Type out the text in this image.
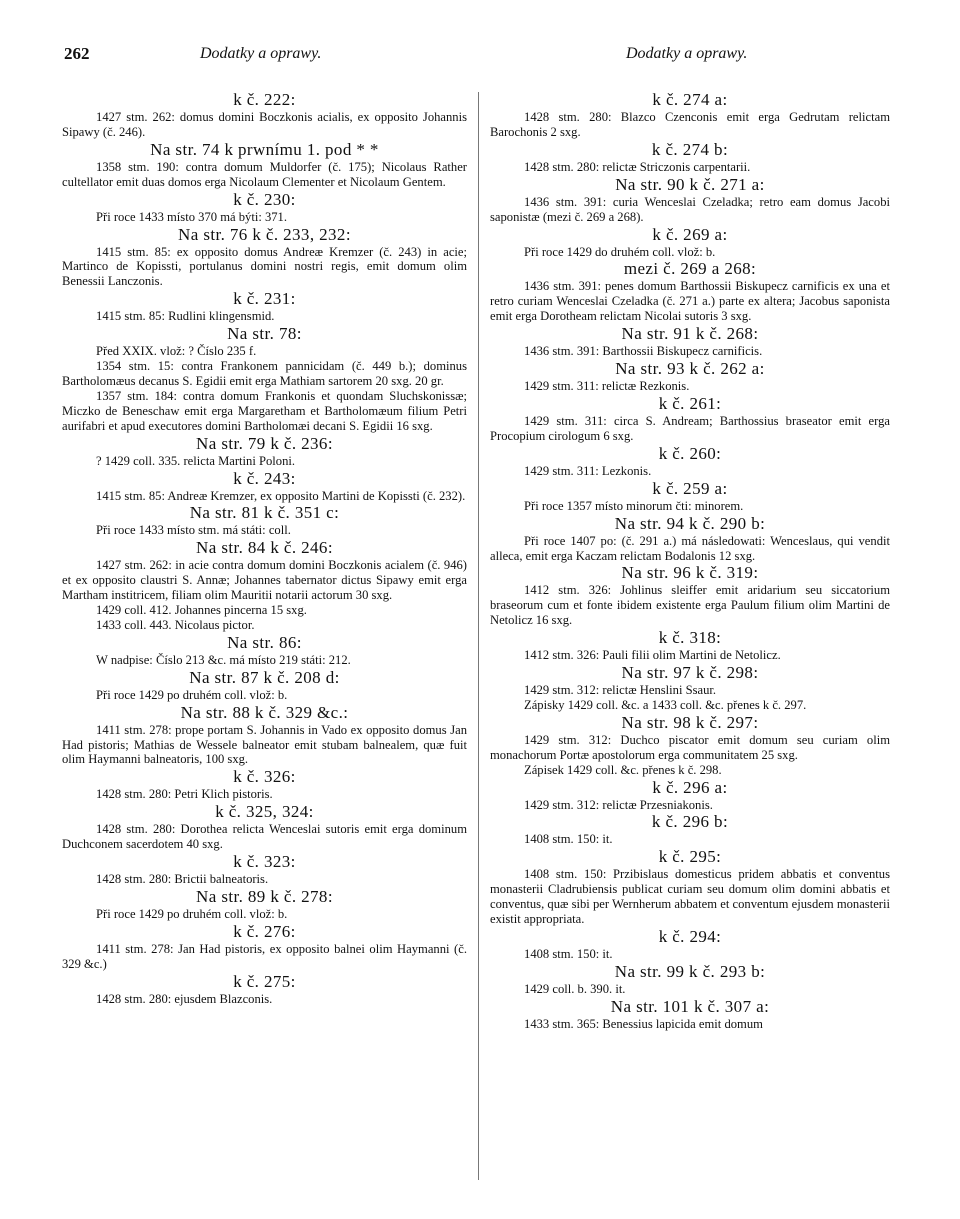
262	Dodatky a oprawy.	Dodatky a oprawy.
k č. 222:
1427 stm. 262: domus domini Boczkonis acialis, ex opposito Johannis Sipawy (č. 246).
Na str. 74 k prwnímu 1. pod * *
1358 stm. 190: contra domum Muldorfer (č. 175); Nicolaus Rather cultellator emit duas domos erga Nicolaum Clementer et Nicolaum Gentem.
k č. 230:
Při roce 1433 místo 370 má býti: 371.
Na str. 76 k č. 233, 232:
1415 stm. 85: ex opposito domus Andreæ Kremzer (č. 243) in acie; Martinco de Kopissti, portulanus domini nostri regis, emit domum olim Benessii Lanczonis.
k č. 231:
1415 stm. 85: Rudlini klingensmid.
Na str. 78:
Před XXIX. vlož: ? Číslo 235 f.
1354 stm. 15: contra Frankonem pannicidam (č. 449 b.); dominus Bartholomæus decanus S. Egidii emit erga Mathiam sartorem 20 sxg. 20 gr.
1357 stm. 184: contra domum Frankonis et quondam Sluchskonissæ; Miczko de Beneschaw emit erga Margaretham et Bartholomæum filium Petri aurifabri et apud executores domini Bartholomæi decani S. Egidii 16 sxg.
Na str. 79 k č. 236:
? 1429 coll. 335. relicta Martini Poloni.
k č. 243:
1415 stm. 85: Andreæ Kremzer, ex opposito Martini de Kopissti (č. 232).
Na str. 81 k č. 351 c:
Při roce 1433 místo stm. má státi: coll.
Na str. 84 k č. 246:
1427 stm. 262: in acie contra domum domini Boczkonis acialem (č. 946) et ex opposito claustri S. Annæ; Johannes tabernator dictus Sipawy emit erga Martham institricem, filiam olim Mauritii notarii actorum 30 sxg.
1429 coll. 412. Johannes pincerna 15 sxg.
1433 coll. 443. Nicolaus pictor.
Na str. 86:
W nadpise: Číslo 213 &c. má místo 219 státi: 212.
Na str. 87 k č. 208 d:
Při roce 1429 po druhém coll. vlož: b.
Na str. 88 k č. 329 &c.:
1411 stm. 278: prope portam S. Johannis in Vado ex opposito domus Jan Had pistoris; Mathias de Wessele balneator emit stubam balnealem, quæ fuit olim Haymanni balneatoris, 100 sxg.
k č. 326:
1428 stm. 280: Petri Klich pistoris.
k č. 325, 324:
1428 stm. 280: Dorothea relicta Wenceslai sutoris emit erga dominum Duchconem sacerdotem 40 sxg.
k č. 323:
1428 stm. 280: Brictii balneatoris.
Na str. 89 k č. 278:
Při roce 1429 po druhém coll. vlož: b.
k č. 276:
1411 stm. 278: Jan Had pistoris, ex opposito balnei olim Haymanni (č. 329 &c.)
k č. 275:
1428 stm. 280: ejusdem Blazconis.
k č. 274 a:
1428 stm. 280: Blazco Czenconis emit erga Gedrutam relictam Barochonis 2 sxg.
k č. 274 b:
1428 stm. 280: relictæ Striczonis carpentarii.
Na str. 90 k č. 271 a:
1436 stm. 391: curia Wenceslai Czeladka; retro eam domus Jacobi saponistæ (mezi č. 269 a 268).
k č. 269 a:
Při roce 1429 do druhém coll. vlož: b.
mezi č. 269 a 268:
1436 stm. 391: penes domum Barthossii Biskupecz carnificis ex una et retro curiam Wenceslai Czeladka (č. 271 a.) parte ex altera; Jacobus saponista emit erga Dorotheam relictam Nicolai sutoris 3 sxg.
Na str. 91 k č. 268:
1436 stm. 391: Barthossii Biskupecz carnificis.
Na str. 93 k č. 262 a:
1429 stm. 311: relictæ Rezkonis.
k č. 261:
1429 stm. 311: circa S. Andream; Barthossius braseator emit erga Procopium cirologum 6 sxg.
k č. 260:
1429 stm. 311: Lezkonis.
k č. 259 a:
Při roce 1357 místo minorum čti: minorem.
Na str. 94 k č. 290 b:
Při roce 1407 po: (č. 291 a.) má následowati: Wenceslaus, qui vendit alleca, emit erga Kaczam relictam Bodalonis 12 sxg.
Na str. 96 k č. 319:
1412 stm. 326: Johlinus sleiffer emit aridarium seu siccatorium braseorum cum et fonte ibidem existente erga Paulum filium olim Martini de Netolicz 16 sxg.
k č. 318:
1412 stm. 326: Pauli filii olim Martini de Netolicz.
Na str. 97 k č. 298:
1429 stm. 312: relictæ Henslini Ssaur.
Zápisky 1429 coll. &c. a 1433 coll. &c. přenes k č. 297.
Na str. 98 k č. 297:
1429 stm. 312: Duchco piscator emit domum seu curiam olim monachorum Portæ apostolorum erga communitatem 25 sxg.
Zápisek 1429 coll. &c. přenes k č. 298.
k č. 296 a:
1429 stm. 312: relictæ Przesniakonis.
k č. 296 b:
1408 stm. 150: it.
k č. 295:
1408 stm. 150: Przibislaus domesticus pridem abbatis et conventus monasterii Cladrubiensis publicat curiam seu domum olim domini abbatis et conventus, quæ sibi per Wernherum abbatem et conventum ejusdem monasterii existit appropriata.
k č. 294:
1408 stm. 150: it.
Na str. 99 k č. 293 b:
1429 coll. b. 390. it.
Na str. 101 k č. 307 a:
1433 stm. 365: Benessius lapicida emit domum
